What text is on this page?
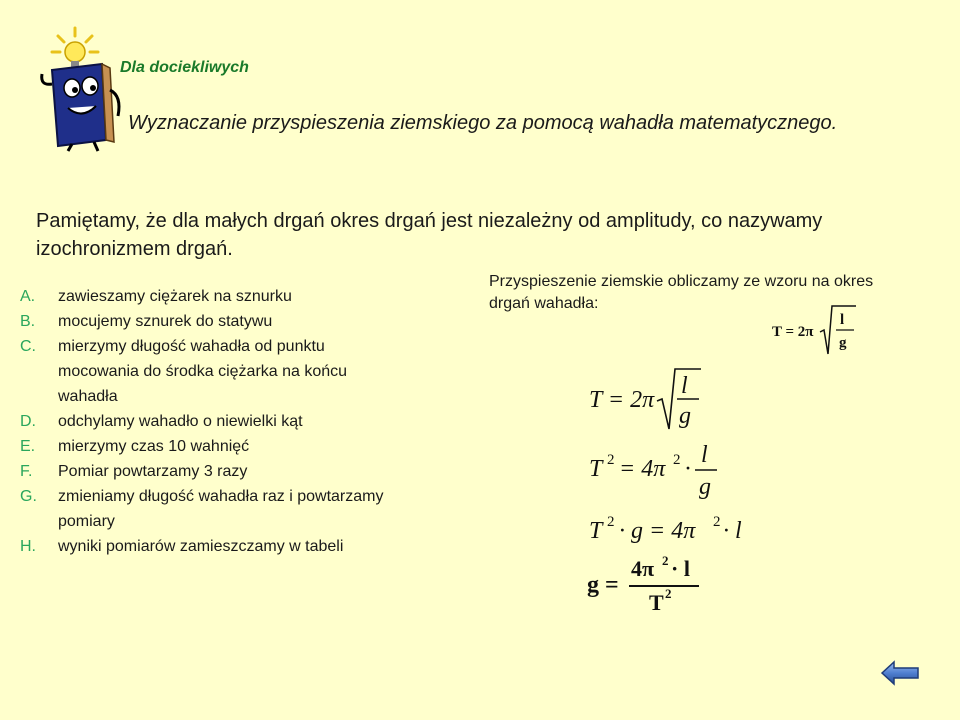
Dla dociekliwych
Wyznaczanie przyspieszenia ziemskiego za pomocą wahadła matematycznego.
Pamiętamy, że dla małych drgań okres drgań jest niezależny od amplitudy, co nazywamy izochronizmem drgań.
Przyspieszenie ziemskie obliczamy ze wzoru na okres drgań wahadła:
A. zawieszamy ciężarek na sznurku
B. mocujemy sznurek do statywu
C. mierzymy długość wahadła od punktu mocowania do środka ciężarka na końcu wahadła
D. odchylamy wahadło o niewielki kąt
E. mierzymy czas 10 wahnięć
F. Pomiar powtarzamy 3 razy
G. zmieniamy długość wahadła raz i powtarzamy pomiary
H. wyniki pomiarów zamieszczamy w tabeli
T = 2π
l
g
T = 2π
l
g
T 2 = 4π 2 ·
l
g
T 2 · g = 4π 2 · l
g =
4π 2 · l
T 2
